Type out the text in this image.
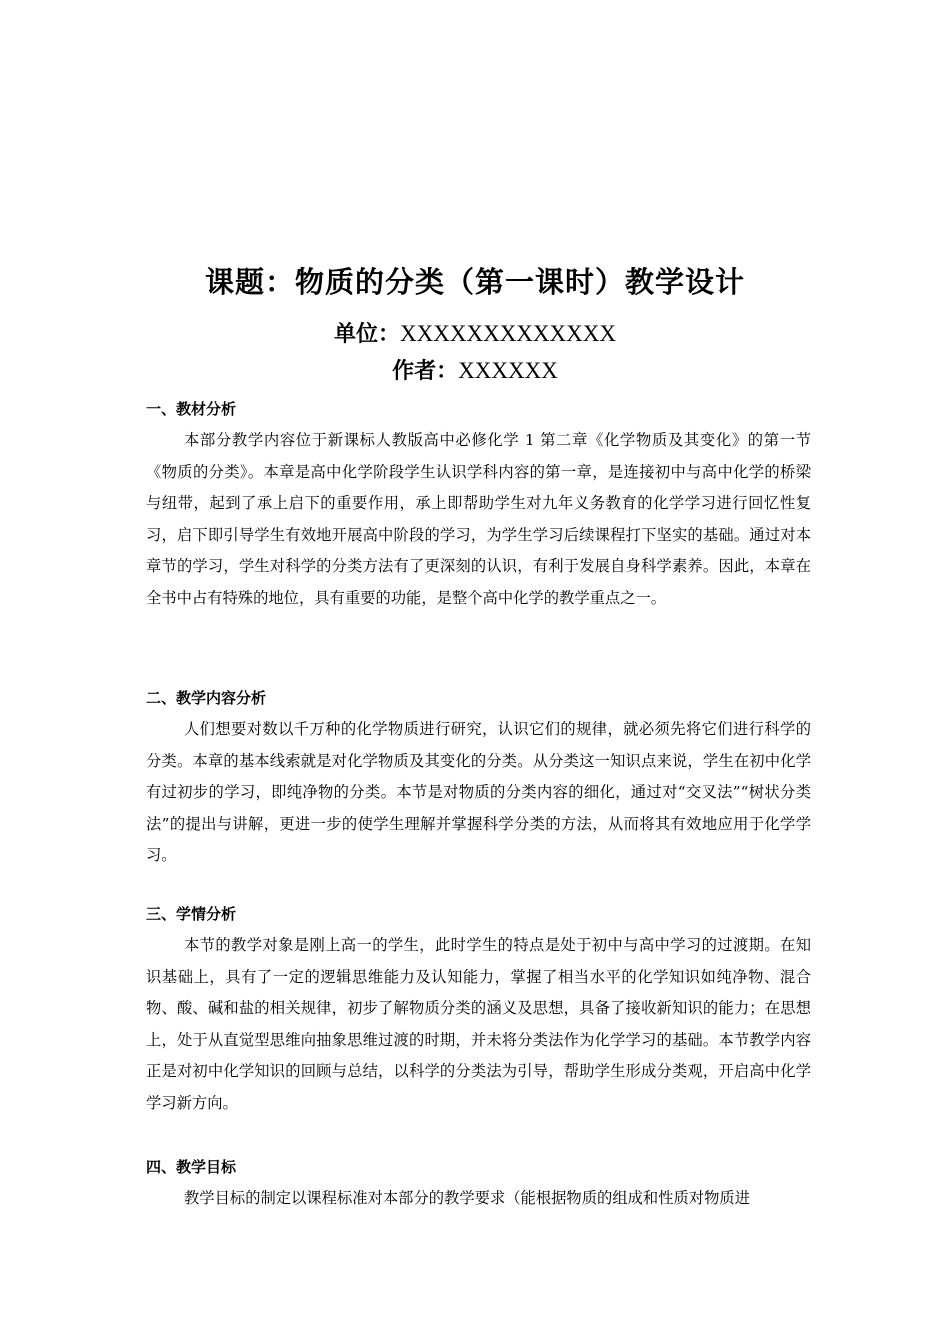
课题：物质的分类（第一课时）教学设计

单位：XXXXXXXXXXXXX

作者：XXXXXX

一、教材分析

本部分教学内容位于新课标人教版高中必修化学 1 第二章《化学物质及其变化》的第一节《物质的分类》。本章是高中化学阶段学生认识学科内容的第一章，是连接初中与高中化学的桥梁与纽带，起到了承上启下的重要作用，承上即帮助学生对九年义务教育的化学学习进行回忆性复习，启下即引导学生有效地开展高中阶段的学习，为学生学习后续课程打下坚实的基础。通过对本章节的学习，学生对科学的分类方法有了更深刻的认识，有利于发展自身科学素养。因此，本章在全书中占有特殊的地位，具有重要的功能，是整个高中化学的教学重点之一。

二、教学内容分析

人们想要对数以千万种的化学物质进行研究，认识它们的规律，就必须先将它们进行科学的分类。本章的基本线索就是对化学物质及其变化的分类。从分类这一知识点来说，学生在初中化学有过初步的学习，即纯净物的分类。本节是对物质的分类内容的细化，通过对“交叉法”“树状分类法”的提出与讲解，更进一步的使学生理解并掌握科学分类的方法，从而将其有效地应用于化学学习。

三、学情分析

本节的教学对象是刚上高一的学生，此时学生的特点是处于初中与高中学习的过渡期。在知识基础上，具有了一定的逻辑思维能力及认知能力，掌握了相当水平的化学知识如纯净物、混合物、酸、碱和盐的相关规律，初步了解物质分类的涵义及思想，具备了接收新知识的能力；在思想上，处于从直觉型思维向抽象思维过渡的时期，并未将分类法作为化学学习的基础。本节教学内容正是对初中化学知识的回顾与总结，以科学的分类法为引导，帮助学生形成分类观，开启高中化学学习新方向。

四、教学目标

教学目标的制定以课程标准对本部分的教学要求（能根据物质的组成和性质对物质进
